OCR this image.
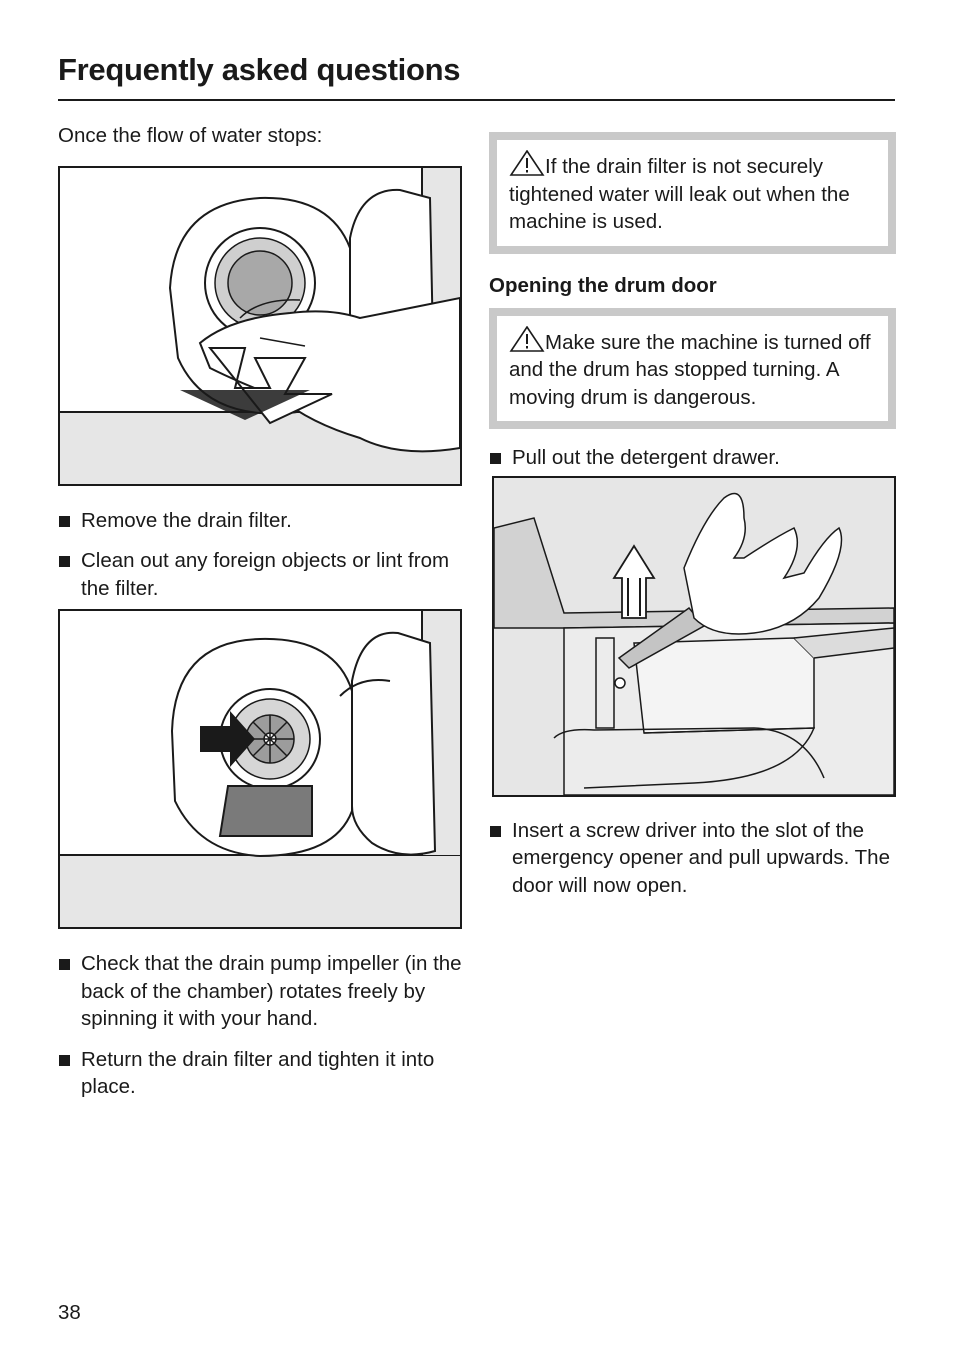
Frequently asked questions

Once the flow of water stops:

Remove the drain filter.
Clean out any foreign objects or lint from the filter.
Check that the drain pump impeller (in the back of the chamber) rotates freely by spinning it with your hand.
Return the drain filter and tighten it into place.
If the drain filter is not securely tightened water will leak out when the machine is used.

Opening the drum door

Make sure the machine is turned off and the drum has stopped turning. A moving drum is dangerous.
Pull out the detergent drawer.
Insert a screw driver into the slot of the emergency opener and pull upwards. The door will now open.
38
